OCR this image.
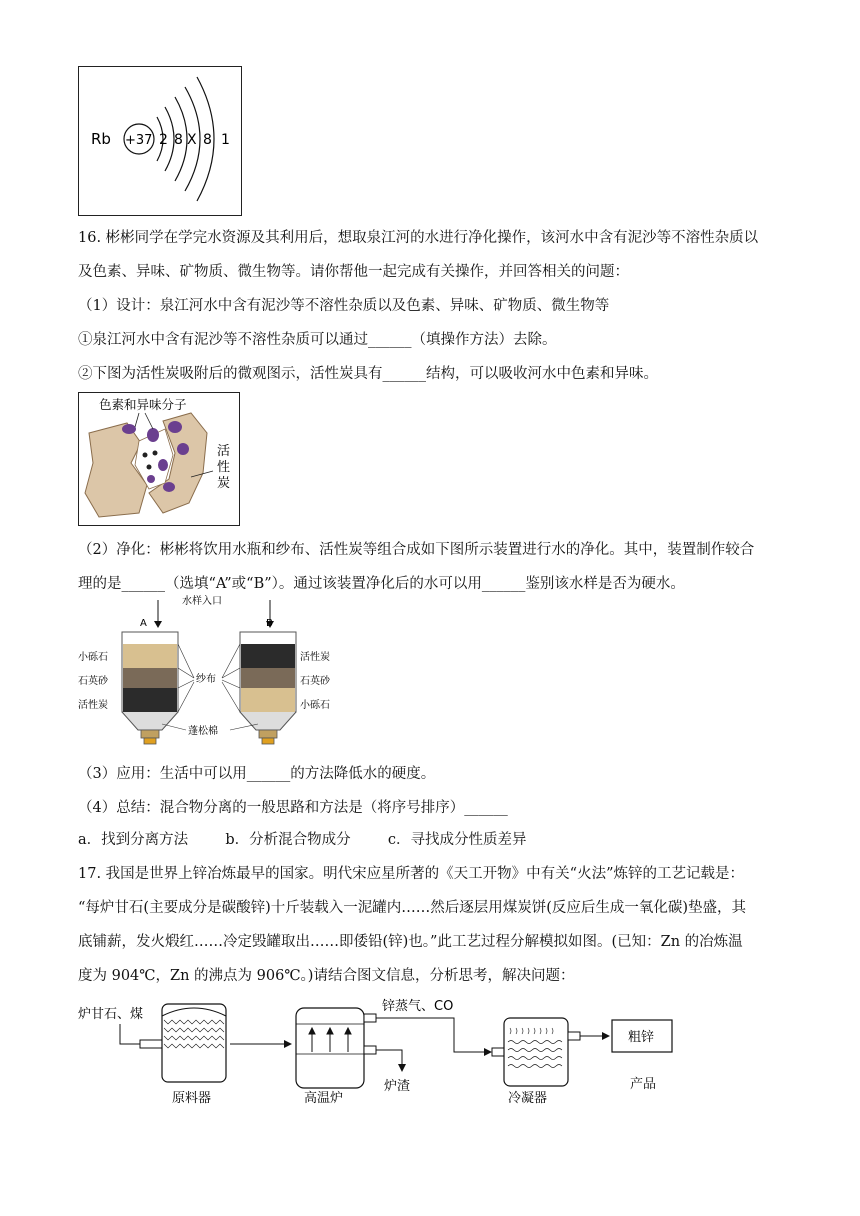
Rb +37 2 8 X 8 1
16. 彬彬同学在学完水资源及其利用后，想取泉江河的水进行净化操作，该河水中含有泥沙等不溶性杂质以
及色素、异味、矿物质、微生物等。请你帮他一起完成有关操作，并回答相关的问题：
（1）设计：泉江河水中含有泥沙等不溶性杂质以及色素、异味、矿物质、微生物等
①泉江河水中含有泥沙等不溶性杂质可以通过______（填操作方法）去除。
②下图为活性炭吸附后的微观图示，活性炭具有______结构，可以吸收河水中色素和异味。
色素和异味分子
活
性
炭
（2）净化：彬彬将饮用水瓶和纱布、活性炭等组合成如下图所示装置进行水的净化。其中，装置制作较合
理的是______（选填“A”或“B”）。通过该装置净化后的水可以用______鉴别该水样是否为硬水。
水样入口
A	B
小砾石
石英砂
活性炭
活性炭
石英砂
小砾石
纱布
蓬松棉
（3）应用：生活中可以用______的方法降低水的硬度。
（4）总结：混合物分离的一般思路和方法是（将序号排序）______
a．找到分离方法	b．分析混合物成分	c．寻找成分性质差异
17. 我国是世界上锌冶炼最早的国家。明代宋应星所著的《天工开物》中有关“火法”炼锌的工艺记载是：
“每炉甘石(主要成分是碳酸锌)十斤装载入一泥罐内……然后逐层用煤炭饼(反应后生成一氧化碳)垫盛，其
底铺薪，发火煅红……冷定毁罐取出……即倭铅(锌)也。”此工艺过程分解模拟如图。(已知：Zn 的冶炼温
度为 904℃，Zn 的沸点为 906℃。)请结合图文信息，分析思考，解决问题：
炉甘石、煤
原料器	高温炉
锌蒸气、CO
炉渣
冷凝器
粗锌
产品
